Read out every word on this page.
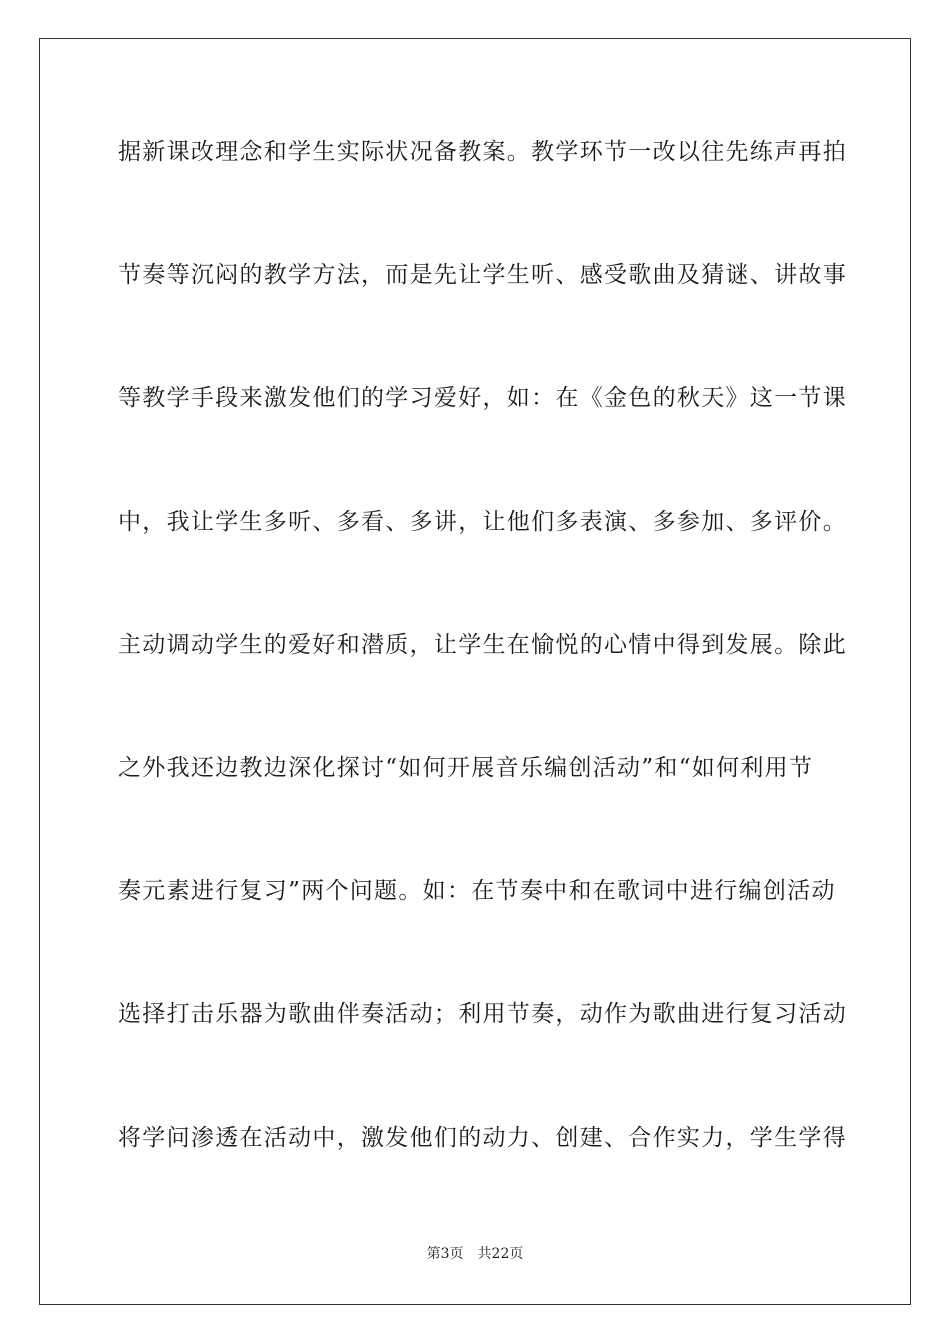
据新课改理念和学生实际状况备教案。教学环节一改以往先练声再拍
节奏等沉闷的教学方法，而是先让学生听、感受歌曲及猜谜、讲故事
等教学手段来激发他们的学习爱好，如：在《金色的秋天》这一节课
中，我让学生多听、多看、多讲，让他们多表演、多参加、多评价。
主动调动学生的爱好和潜质，让学生在愉悦的心情中得到发展。除此
之外我还边教边深化探讨“如何开展音乐编创活动”和“如何利用节
奏元素进行复习”两个问题。如：在节奏中和在歌词中进行编创活动
选择打击乐器为歌曲伴奏活动；利用节奏，动作为歌曲进行复习活动
将学问渗透在活动中，激发他们的动力、创建、合作实力，学生学得
第3页　共22页
